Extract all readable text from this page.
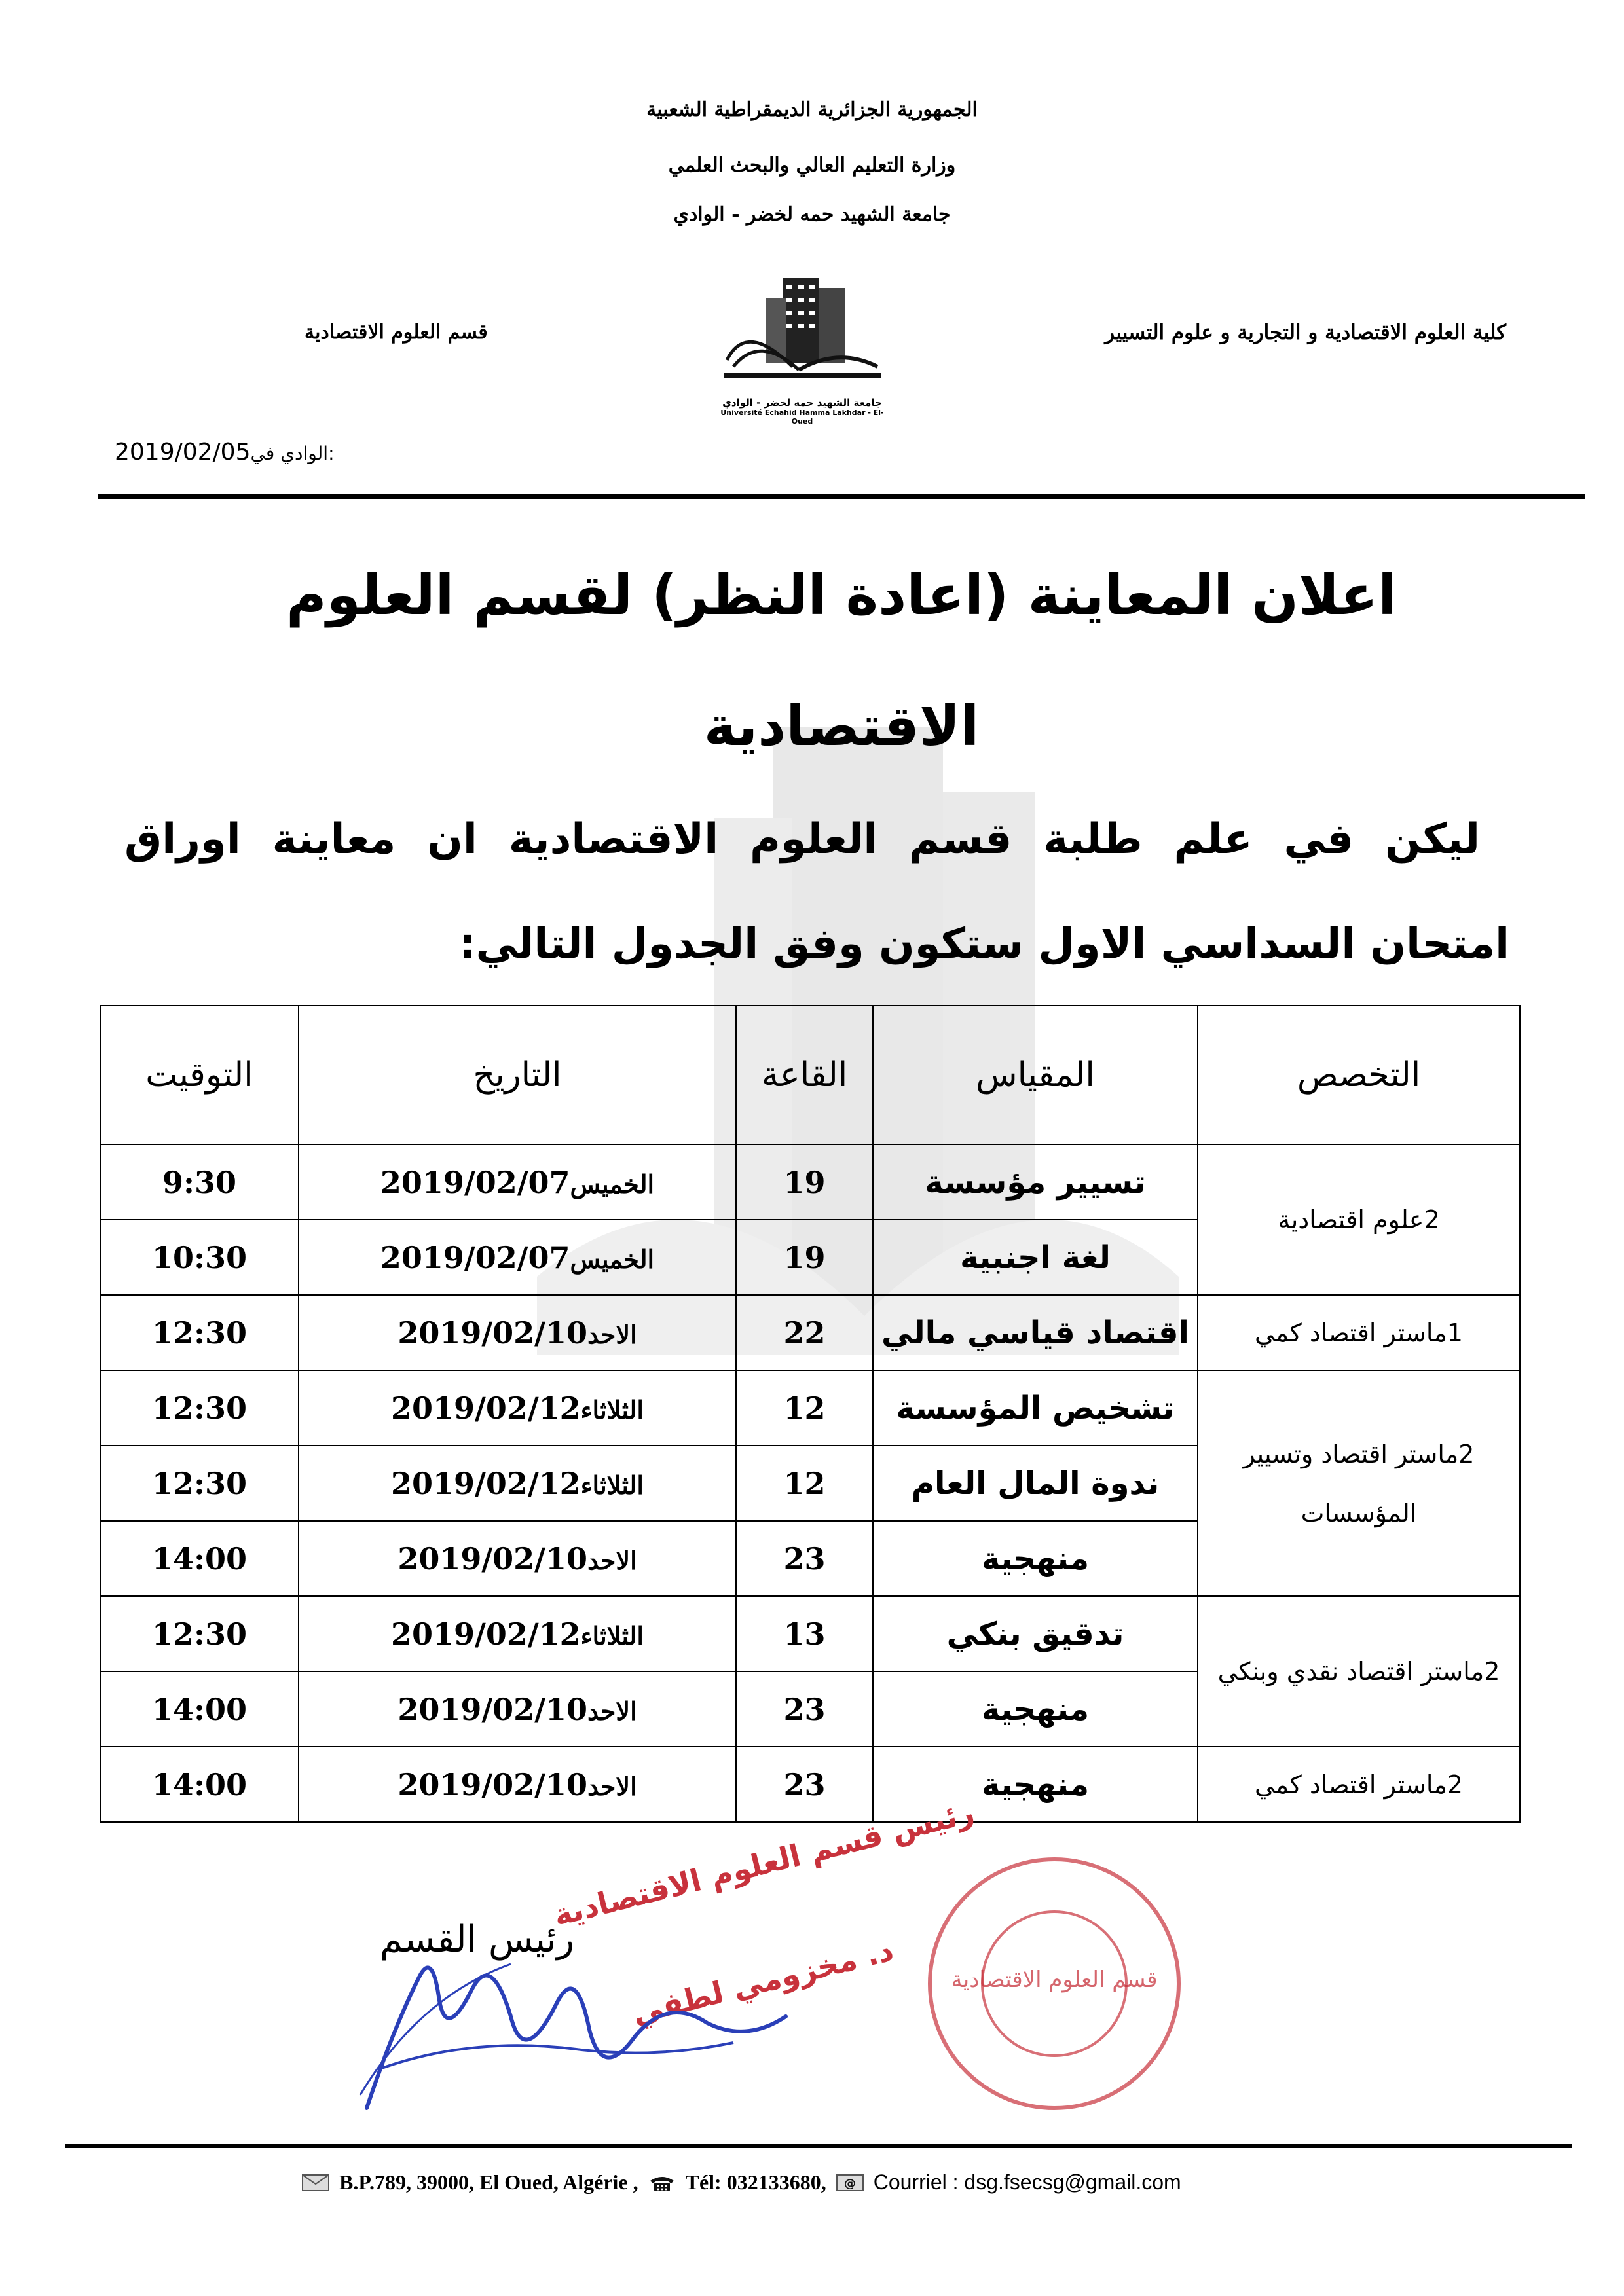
الجمهورية الجزائرية الديمقراطية الشعبية
وزارة التعليم العالي والبحث العلمي
جامعة الشهيد حمه لخضر - الوادي
كلية العلوم الاقتصادية و التجارية و علوم التسيير
قسم العلوم الاقتصادية
جامعة الشهيد حمه لخضر - الوادي
Université Echahid Hamma Lakhdar - El-Oued
2019/02/05الوادي في:
اعلان المعاينة (اعادة النظر) لقسم العلوم
الاقتصادية
ليكن في علم طلبة قسم العلوم الاقتصادية ان معاينة اوراق
امتحان السداسي الاول ستكون وفق الجدول التالي:
التخصص	المقياس	القاعة	التاريخ	التوقيت
2علوم اقتصادية	تسيير مؤسسة	19	الخميس2019/02/07	9:30
	لغة اجنبية	19	الخميس2019/02/07	10:30
1ماستر اقتصاد كمي	اقتصاد قياسي مالي	22	الاحد2019/02/10	12:30
2ماستر اقتصاد وتسيير المؤسسات	تشخيص المؤسسة	12	الثلاثاء2019/02/12	12:30
	ندوة المال العام	12	الثلاثاء2019/02/12	12:30
	منهجية	23	الاحد2019/02/10	14:00
2ماستر اقتصاد نقدي وبنكي	تدقيق بنكي	13	الثلاثاء2019/02/12	12:30
	منهجية	23	الاحد2019/02/10	14:00
2ماستر اقتصاد كمي	منهجية	23	الاحد2019/02/10	14:00
رئيس القسم
قسم العلوم الاقتصادية
رئيس قسم العلوم الاقتصادية
د. مخزومي لطفي
B.P.789, 39000, El Oued, Algérie , Tél: 032133680, @ Courriel : dsg.fsecsg@gmail.com
